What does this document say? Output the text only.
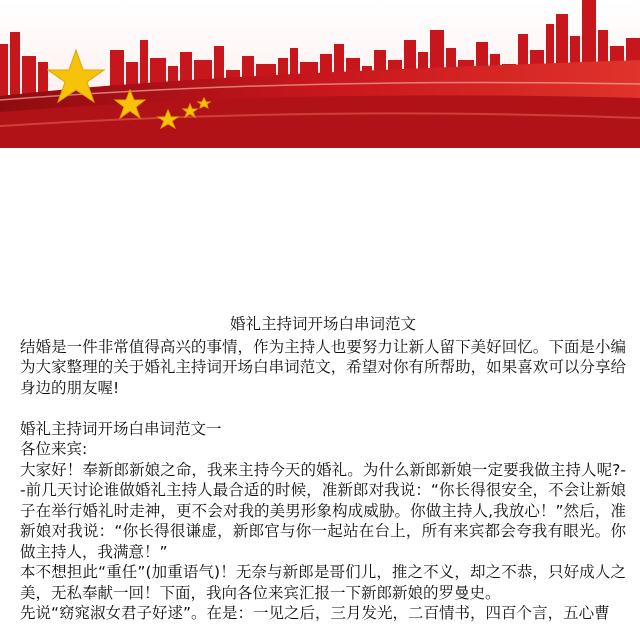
婚礼主持词开场白串词范文

结婚是一件非常值得高兴的事情，作为主持人也要努力让新人留下美好回忆。下面是小编为大家整理的关于婚礼主持词开场白串词范文，希望对你有所帮助，如果喜欢可以分享给身边的朋友喔!

婚礼主持词开场白串词范文一

各位来宾:

大家好！奉新郎新娘之命，我来主持今天的婚礼。为什么新郎新娘一定要我做主持人呢?--前几天讨论谁做婚礼主持人最合适的时候，准新郎对我说：“你长得很安全，不会让新娘子在举行婚礼时走神，更不会对我的美男形象构成威胁。你做主持人,我放心！”然后，准新娘对我说：“你长得很谦虚，新郎官与你一起站在台上，所有来宾都会夸我有眼光。你做主持人，我满意！”

本不想担此“重任”(加重语气)！无奈与新郎是哥们儿，推之不义，却之不恭，只好成人之美，无私奉献一回！下面，我向各位来宾汇报一下新郎新娘的罗曼史。

先说“窈窕淑女君子好逑”。在是：一见之后，三月发光，二百情书，四百个言，五心曹
